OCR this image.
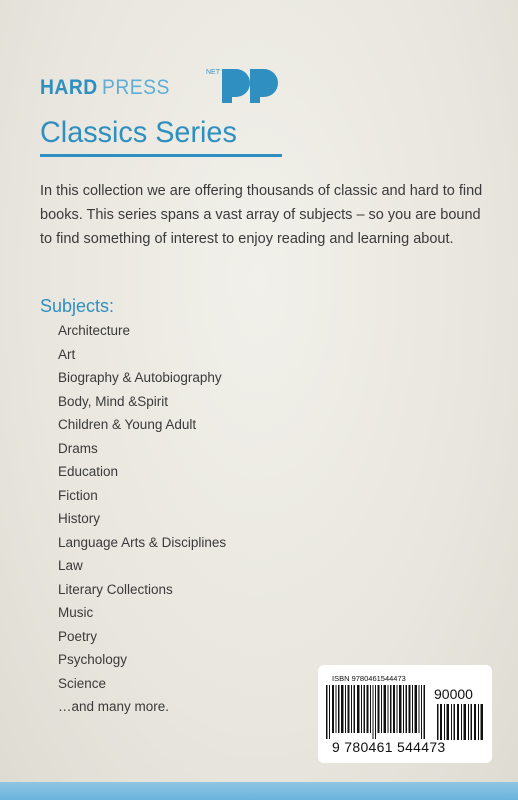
HARD PRESS
NET
Classics Series
In this collection we are offering thousands of classic and hard to find books. This series spans a vast array of subjects – so you are bound to find something of interest to enjoy reading and learning about.
Subjects:
Architecture
Art
Biography & Autobiography
Body, Mind &Spirit
Children & Young Adult
Drams
Education
Fiction
History
Language Arts & Disciplines
Law
Literary Collections
Music
Poetry
Psychology
Science
…and many more.
ISBN 9780461544473
90000
9 780461 544473
